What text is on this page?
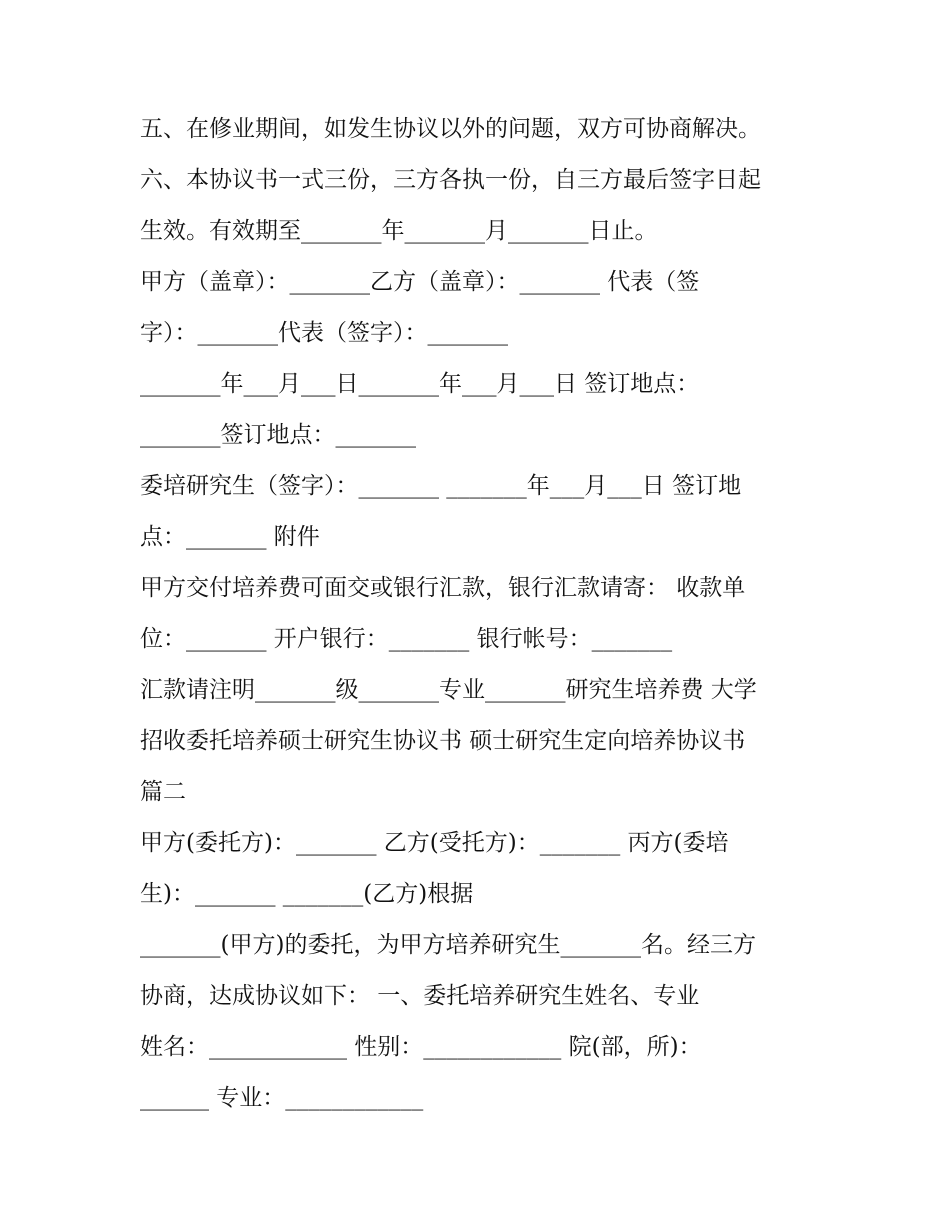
五、在修业期间，如发生协议以外的问题，双方可协商解决。
六、本协议书一式三份，三方各执一份，自三方最后签字日起
生效。有效期至_______年_______月_______日止。
甲方（盖章）：_______乙方（盖章）：_______ 代表（签
字）：_______代表（签字）：_______
_______年___月___日_______年___月___日 签订地点：
_______签订地点：_______
委培研究生（签字）：_______ _______年___月___日 签订地
点：_______ 附件
甲方交付培养费可面交或银行汇款，银行汇款请寄： 收款单
位：_______ 开户银行：_______ 银行帐号：_______
汇款请注明_______级_______专业_______研究生培养费 大学
招收委托培养硕士研究生协议书 硕士研究生定向培养协议书
篇二
甲方(委托方)：_______ 乙方(受托方)：_______ 丙方(委培
生)：_______ _______(乙方)根据
_______(甲方)的委托，为甲方培养研究生_______名。经三方
协商，达成协议如下： 一、委托培养研究生姓名、专业
姓名：____________ 性别：____________ 院(部，所)：
______ 专业：____________
